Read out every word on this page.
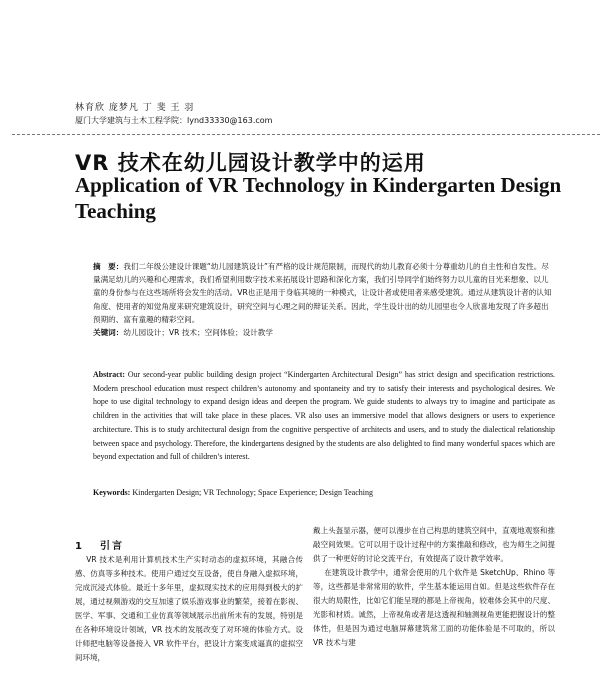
林育欣 庞梦凡 丁 斐 王 羽
厦门大学建筑与土木工程学院：lynd33330@163.com
VR 技术在幼儿园设计教学中的运用
Application of VR Technology in Kindergarten Design Teaching
摘　要：我们二年级公建设计课题“幼儿园建筑设计”有严格的设计规范限制，而现代的幼儿教育必须十分尊重幼儿的自主性和自发性。尽量满足幼儿的兴趣和心理需求，我们希望利用数字技术来拓展设计思路和深化方案，我们引导同学们始终努力以儿童的目光来想象、以儿童的身份参与在这些场所将会发生的活动。VR也正是用于身临其境的一种模式，让设计者或使用者来感受建筑。通过从建筑设计者的认知角度、使用者的知觉角度来研究建筑设计，研究空间与心理之间的辩证关系。因此，学生设计出的幼儿园里也令人欣喜地发现了许多超出预期的、富有童趣的精彩空间。
关键词：幼儿园设计；VR 技术；空间体验；设计教学
Abstract: Our second-year public building design project “Kindergarten Architectural Design” has strict design and specification restrictions. Modern preschool education must respect children’s autonomy and spontaneity and try to satisfy their interests and psychological desires. We hope to use digital technology to expand design ideas and deepen the program. We guide students to always try to imagine and participate as children in the activities that will take place in these places. VR also uses an immersive model that allows designers or users to experience architecture. This is to study architectural design from the cognitive perspective of architects and users, and to study the dialectical relationship between space and psychology. Therefore, the kindergartens designed by the students are also delighted to find many wonderful spaces which are beyond expectation and full of children’s interest.
Keywords: Kindergarten Design; VR Technology; Space Experience; Design Teaching
1 引言

VR 技术是利用计算机技术生产实时动态的虚拟环境，其融合传感、仿真等多种技术。使用户通过交互设备，使自身融入虚拟环境，完成沉浸式体验。最近十多年里，虚拟现实技术的应用得到极大的扩展，通过视频游戏的交互加速了娱乐游戏事业的繁荣，接着在影视、医学、军事、交通和工业仿真等领域展示出前所未有的发展，特别是在各种环境设计领域，VR 技术的发展改变了对环境的体验方式。设计师把电脑等设备接入 VR 软件平台，把设计方案变成逼真的虚拟空间环境，

戴上头盔显示器，便可以漫步在自己构思的建筑空间中，直观地观察和推敲空间效果。它可以用于设计过程中的方案推敲和修改，也为师生之间提供了一种更好的讨论交流平台，有效提高了设计教学效率。

在建筑设计教学中，通常会使用的几个软件是 SketchUp、Rhino 等等，这些都是非常常用的软件，学生基本能运用自如。但是这些软件存在很大的局限性，比如它们能呈现的都是上帝视角，较难体会其中的尺度、光影和材质。诚然，上帝视角或者是这透视和轴测视角更能把握设计的整体性，但是因为通过电脑屏幕建筑常工面的功能体验是不可取的，所以 VR 技术与建
